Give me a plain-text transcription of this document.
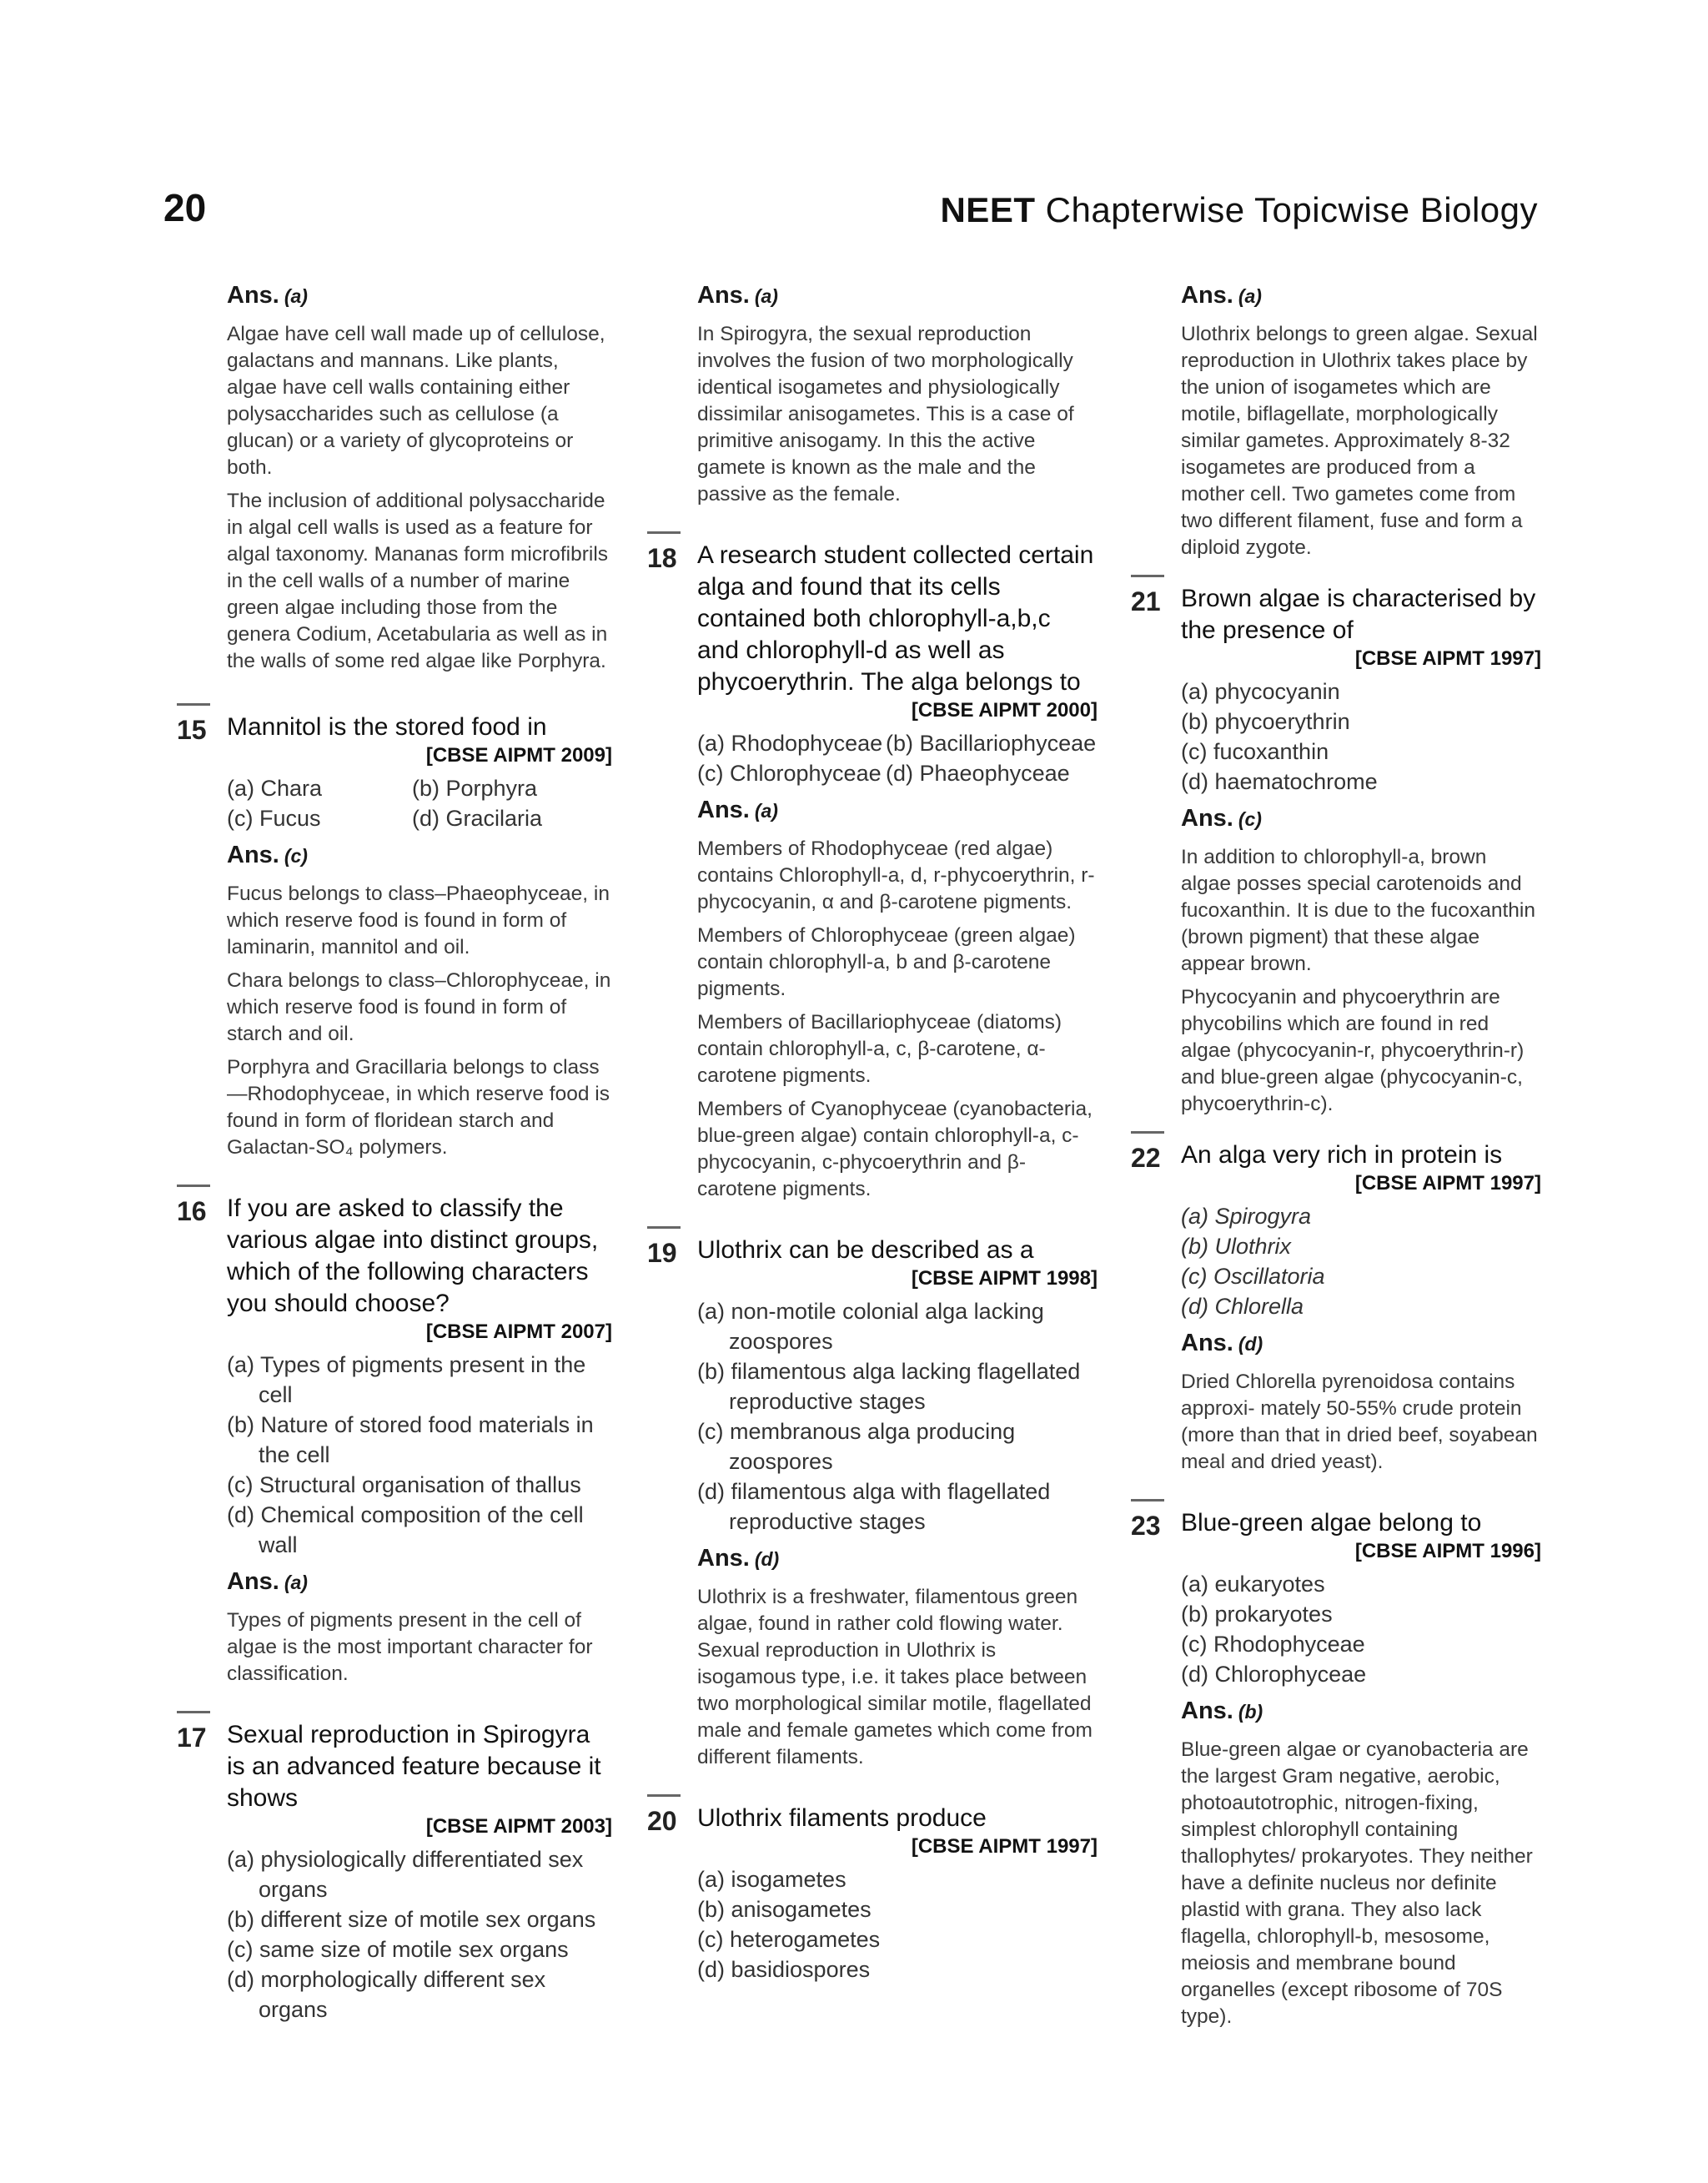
20	NEET Chapterwise Topicwise Biology
Ans. (a)
Algae have cell wall made up of cellulose, galactans and mannans. Like plants, algae have cell walls containing either polysaccharides such as cellulose (a glucan) or a variety of glycoproteins or both.
The inclusion of additional polysaccharide in algal cell walls is used as a feature for algal taxonomy. Mananas form microfibrils in the cell walls of a number of marine green algae including those from the genera Codium, Acetabularia as well as in the walls of some red algae like Porphyra.
15 Mannitol is the stored food in
[CBSE AIPMT 2009]
(a) Chara	(b) Porphyra
(c) Fucus	(d) Gracilaria
Ans. (c)
Fucus belongs to class–Phaeophyceae, in which reserve food is found in form of laminarin, mannitol and oil.
Chara belongs to class–Chlorophyceae, in which reserve food is found in form of starch and oil.
Porphyra and Gracillaria belongs to class—Rhodophyceae, in which reserve food is found in form of floridean starch and Galactan-SO₄ polymers.
16 If you are asked to classify the various algae into distinct groups, which of the following characters you should choose?
[CBSE AIPMT 2007]
(a) Types of pigments present in the cell
(b) Nature of stored food materials in the cell
(c) Structural organisation of thallus
(d) Chemical composition of the cell wall
Ans. (a)
Types of pigments present in the cell of algae is the most important character for classification.
17 Sexual reproduction in Spirogyra is an advanced feature because it shows
[CBSE AIPMT 2003]
(a) physiologically differentiated sex organs
(b) different size of motile sex organs
(c) same size of motile sex organs
(d) morphologically different sex organs
Ans. (a)
In Spirogyra, the sexual reproduction involves the fusion of two morphologically identical isogametes and physiologically dissimilar anisogametes. This is a case of primitive anisogamy. In this the active gamete is known as the male and the passive as the female.
18 A research student collected certain alga and found that its cells contained both chlorophyll-a,b,c and chlorophyll-d as well as phycoerythrin. The alga belongs to
[CBSE AIPMT 2000]
(a) Rhodophyceae (b) Bacillariophyceae
(c) Chlorophyceae (d) Phaeophyceae
Ans. (a)
Members of Rhodophyceae (red algae) contains Chlorophyll-a, d, r-phycoerythrin, r-phycocyanin, α and β-carotene pigments.
Members of Chlorophyceae (green algae) contain chlorophyll-a, b and β-carotene pigments.
Members of Bacillariophyceae (diatoms) contain chlorophyll-a, c, β-carotene, α-carotene pigments.
Members of Cyanophyceae (cyanobacteria, blue-green algae) contain chlorophyll-a, c-phycocyanin, c-phycoerythrin and β-carotene pigments.
19 Ulothrix can be described as a
[CBSE AIPMT 1998]
(a) non-motile colonial alga lacking zoospores
(b) filamentous alga lacking flagellated reproductive stages
(c) membranous alga producing zoospores
(d) filamentous alga with flagellated reproductive stages
Ans. (d)
Ulothrix is a freshwater, filamentous green algae, found in rather cold flowing water. Sexual reproduction in Ulothrix is isogamous type, i.e. it takes place between two morphological similar motile, flagellated male and female gametes which come from different filaments.
20 Ulothrix filaments produce
[CBSE AIPMT 1997]
(a) isogametes
(b) anisogametes
(c) heterogametes
(d) basidiospores
Ans. (a)
Ulothrix belongs to green algae. Sexual reproduction in Ulothrix takes place by the union of isogametes which are motile, biflagellate, morphologically similar gametes. Approximately 8-32 isogametes are produced from a mother cell. Two gametes come from two different filament, fuse and form a diploid zygote.
21 Brown algae is characterised by the presence of
[CBSE AIPMT 1997]
(a) phycocyanin
(b) phycoerythrin
(c) fucoxanthin
(d) haematochrome
Ans. (c)
In addition to chlorophyll-a, brown algae posses special carotenoids and fucoxanthin. It is due to the fucoxanthin (brown pigment) that these algae appear brown.
Phycocyanin and phycoerythrin are phycobilins which are found in red algae (phycocyanin-r, phycoerythrin-r) and blue-green algae (phycocyanin-c, phycoerythrin-c).
22 An alga very rich in protein is
[CBSE AIPMT 1997]
(a) Spirogyra
(b) Ulothrix
(c) Oscillatoria
(d) Chlorella
Ans. (d)
Dried Chlorella pyrenoidosa contains approxi- mately 50-55% crude protein (more than that in dried beef, soyabean meal and dried yeast).
23 Blue-green algae belong to
[CBSE AIPMT 1996]
(a) eukaryotes
(b) prokaryotes
(c) Rhodophyceae
(d) Chlorophyceae
Ans. (b)
Blue-green algae or cyanobacteria are the largest Gram negative, aerobic, photoautotrophic, nitrogen-fixing, simplest chlorophyll containing thallophytes/ prokaryotes. They neither have a definite nucleus nor definite plastid with grana. They also lack flagella, chlorophyll-b, mesosome, meiosis and membrane bound organelles (except ribosome of 70S type).
